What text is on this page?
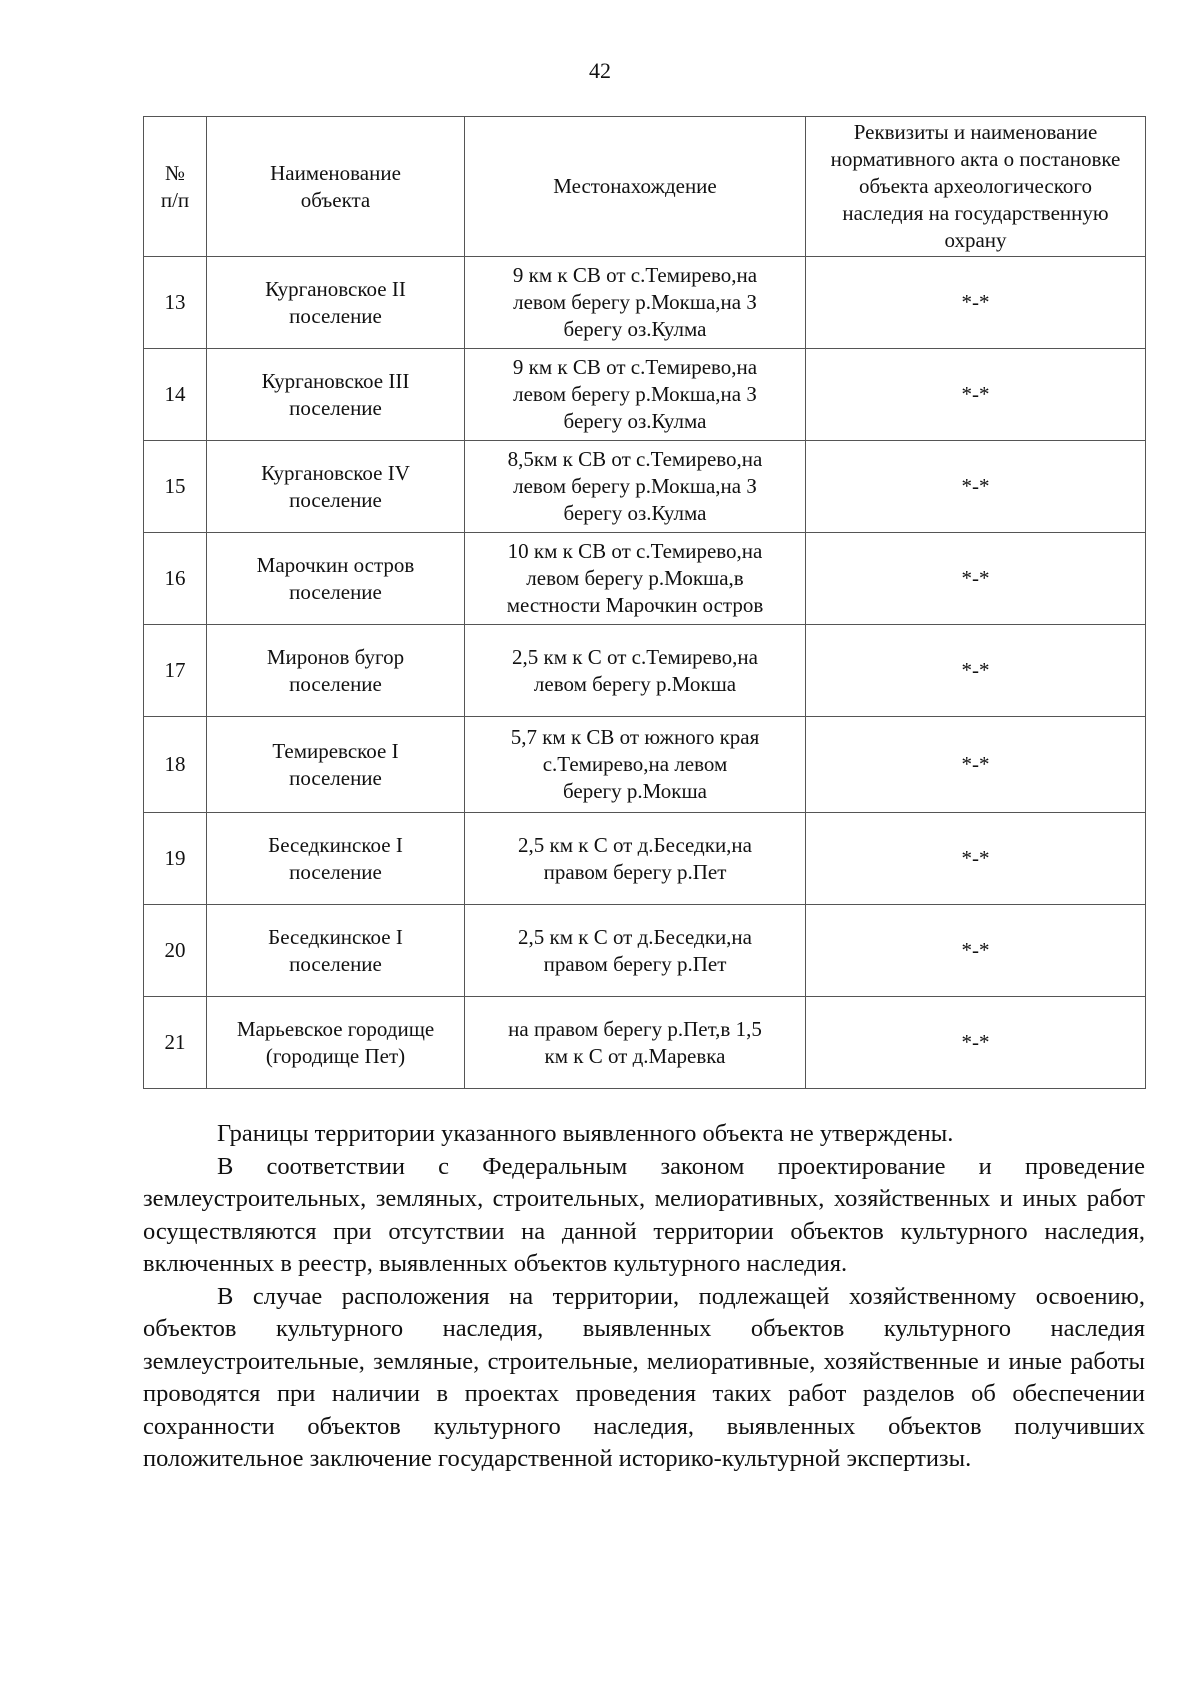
42
№
п/п	Наименование
объекта	Местонахождение	Реквизиты и наименование
нормативного акта о постановке
объекта археологического
наследия на государственную
охрану
13	Кургановское II
поселение	9 км к СВ от с.Темирево,на
левом берегу р.Мокша,на З
берегу оз.Кулма	*-*
14	Кургановское III
поселение	9 км к СВ от с.Темирево,на
левом берегу р.Мокша,на З
берегу оз.Кулма	*-*
15	Кургановское IV
поселение	8,5км к СВ от с.Темирево,на
левом берегу р.Мокша,на З
берегу оз.Кулма	*-*
16	Марочкин остров
поселение	10 км к СВ от с.Темирево,на
левом берегу р.Мокша,в
местности Марочкин остров	*-*
17	Миронов бугор
поселение	2,5 км к С от с.Темирево,на
левом берегу р.Мокша	*-*
18	Темиревское I
поселение	5,7 км к СВ от южного края
с.Темирево,на левом
берегу р.Мокша	*-*
19	Беседкинское I
поселение	2,5 км к С от д.Беседки,на
правом берегу р.Пет	*-*
20	Беседкинское I
поселение	2,5 км к С от д.Беседки,на
правом берегу р.Пет	*-*
21	Марьевское городище
(городище Пет)	на правом берегу р.Пет,в 1,5
км к С от д.Маревка	*-*

Границы территории указанного выявленного объекта не утверждены.

В соответствии с Федеральным законом проектирование и проведение землеустроительных, земляных, строительных, мелиоративных, хозяйственных и иных работ осуществляются при отсутствии на данной территории объектов культурного наследия, включенных в реестр, выявленных объектов культурного наследия.

В случае расположения на территории, подлежащей хозяйственному освоению, объектов культурного наследия, выявленных объектов культурного наследия землеустроительные, земляные, строительные, мелиоративные, хозяйственные и иные работы проводятся при наличии в проектах проведения таких работ разделов об обеспечении сохранности объектов культурного наследия, выявленных объектов получивших положительное заключение государственной историко-культурной экспертизы.
